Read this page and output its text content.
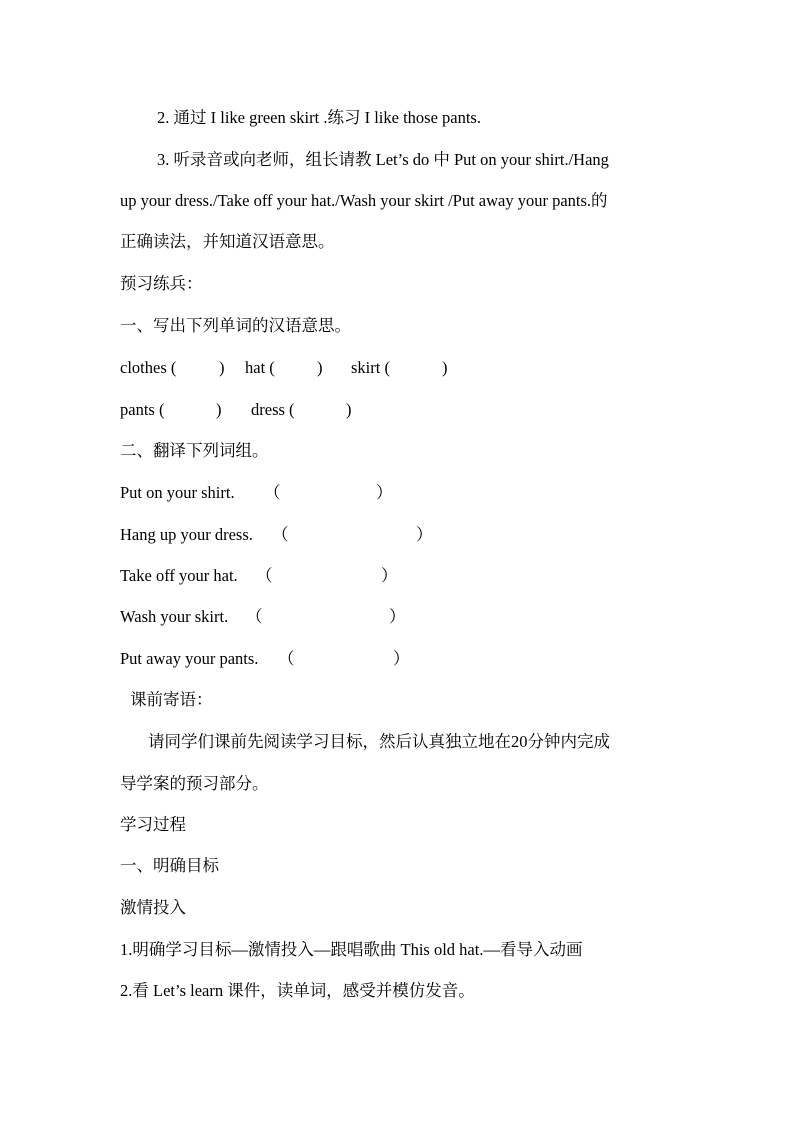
2. 通过 I like green skirt .练习 I like those pants.
3. 听录音或向老师，组长请教 Let’s do 中 Put on your shirt./Hang
up your dress./Take off your hat./Wash your skirt /Put away your pants.的
正确读法，并知道汉语意思。
预习练兵：
一、写出下列单词的汉语意思。
clothes (	) hat (	) skirt (	)
pants (	) dress (	)
二、翻译下列词组。
Put on your shirt. （	）
Hang up your dress. （	）
Take off your hat. （	）
Wash your skirt. （	）
Put away your pants. （	）
课前寄语：
请同学们课前先阅读学习目标，然后认真独立地在20分钟内完成
导学案的预习部分。
学习过程
一、明确目标
激情投入
1.明确学习目标—激情投入—跟唱歌曲 This old hat.—看导入动画
2.看 Let’s learn 课件，读单词，感受并模仿发音。
